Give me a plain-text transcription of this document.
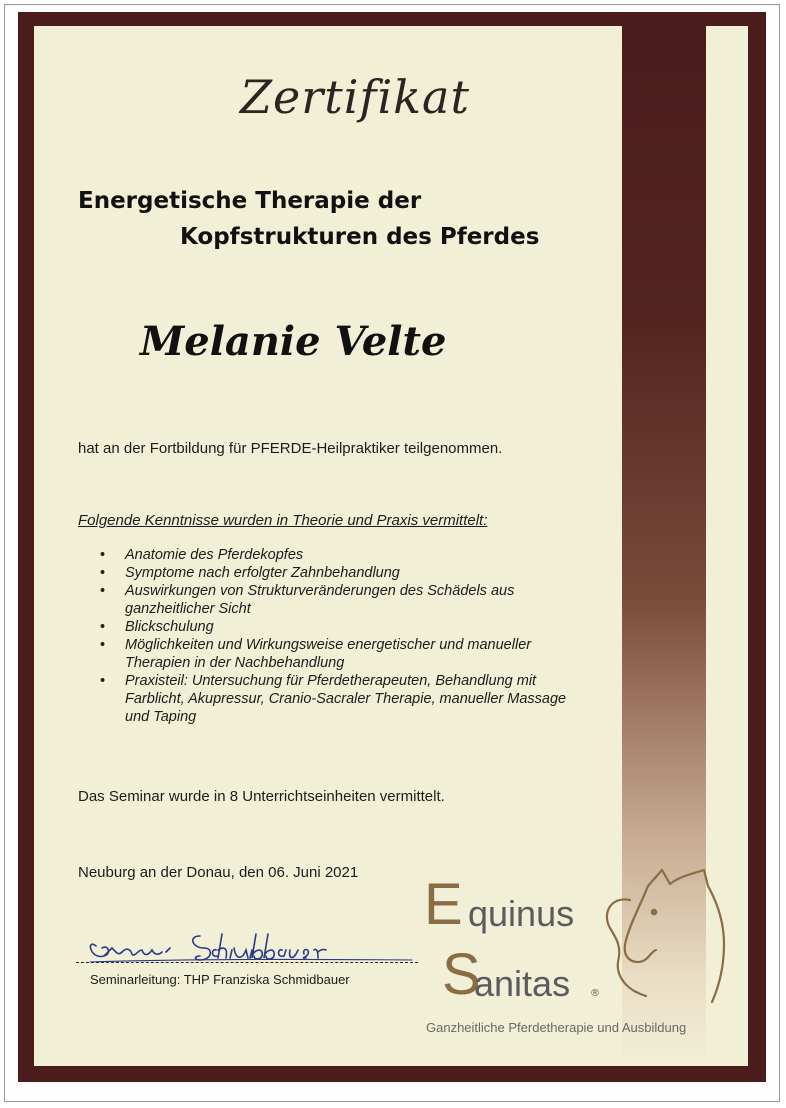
Zertifikat
Energetische Therapie der
Kopfstrukturen des Pferdes
Melanie Velte
hat an der Fortbildung für PFERDE-Heilpraktiker teilgenommen.
Folgende Kenntnisse wurden in Theorie und Praxis vermittelt:
• Anatomie des Pferdekopfes
• Symptome nach erfolgter Zahnbehandlung
• Auswirkungen von Strukturveränderungen des Schädels aus ganzheitlicher Sicht
• Blickschulung
• Möglichkeiten und Wirkungsweise energetischer und manueller Therapien in der Nachbehandlung
• Praxisteil: Untersuchung für Pferdetherapeuten, Behandlung mit Farblicht, Akupressur, Cranio-Sacraler Therapie, manueller Massage und Taping
Das Seminar wurde in 8 Unterrichtseinheiten vermittelt.
Neuburg an der Donau, den 06. Juni 2021
Seminarleitung: THP Franziska Schmidbauer
E quinus
S
anitas ®
Ganzheitliche Pferdetherapie und Ausbildung
